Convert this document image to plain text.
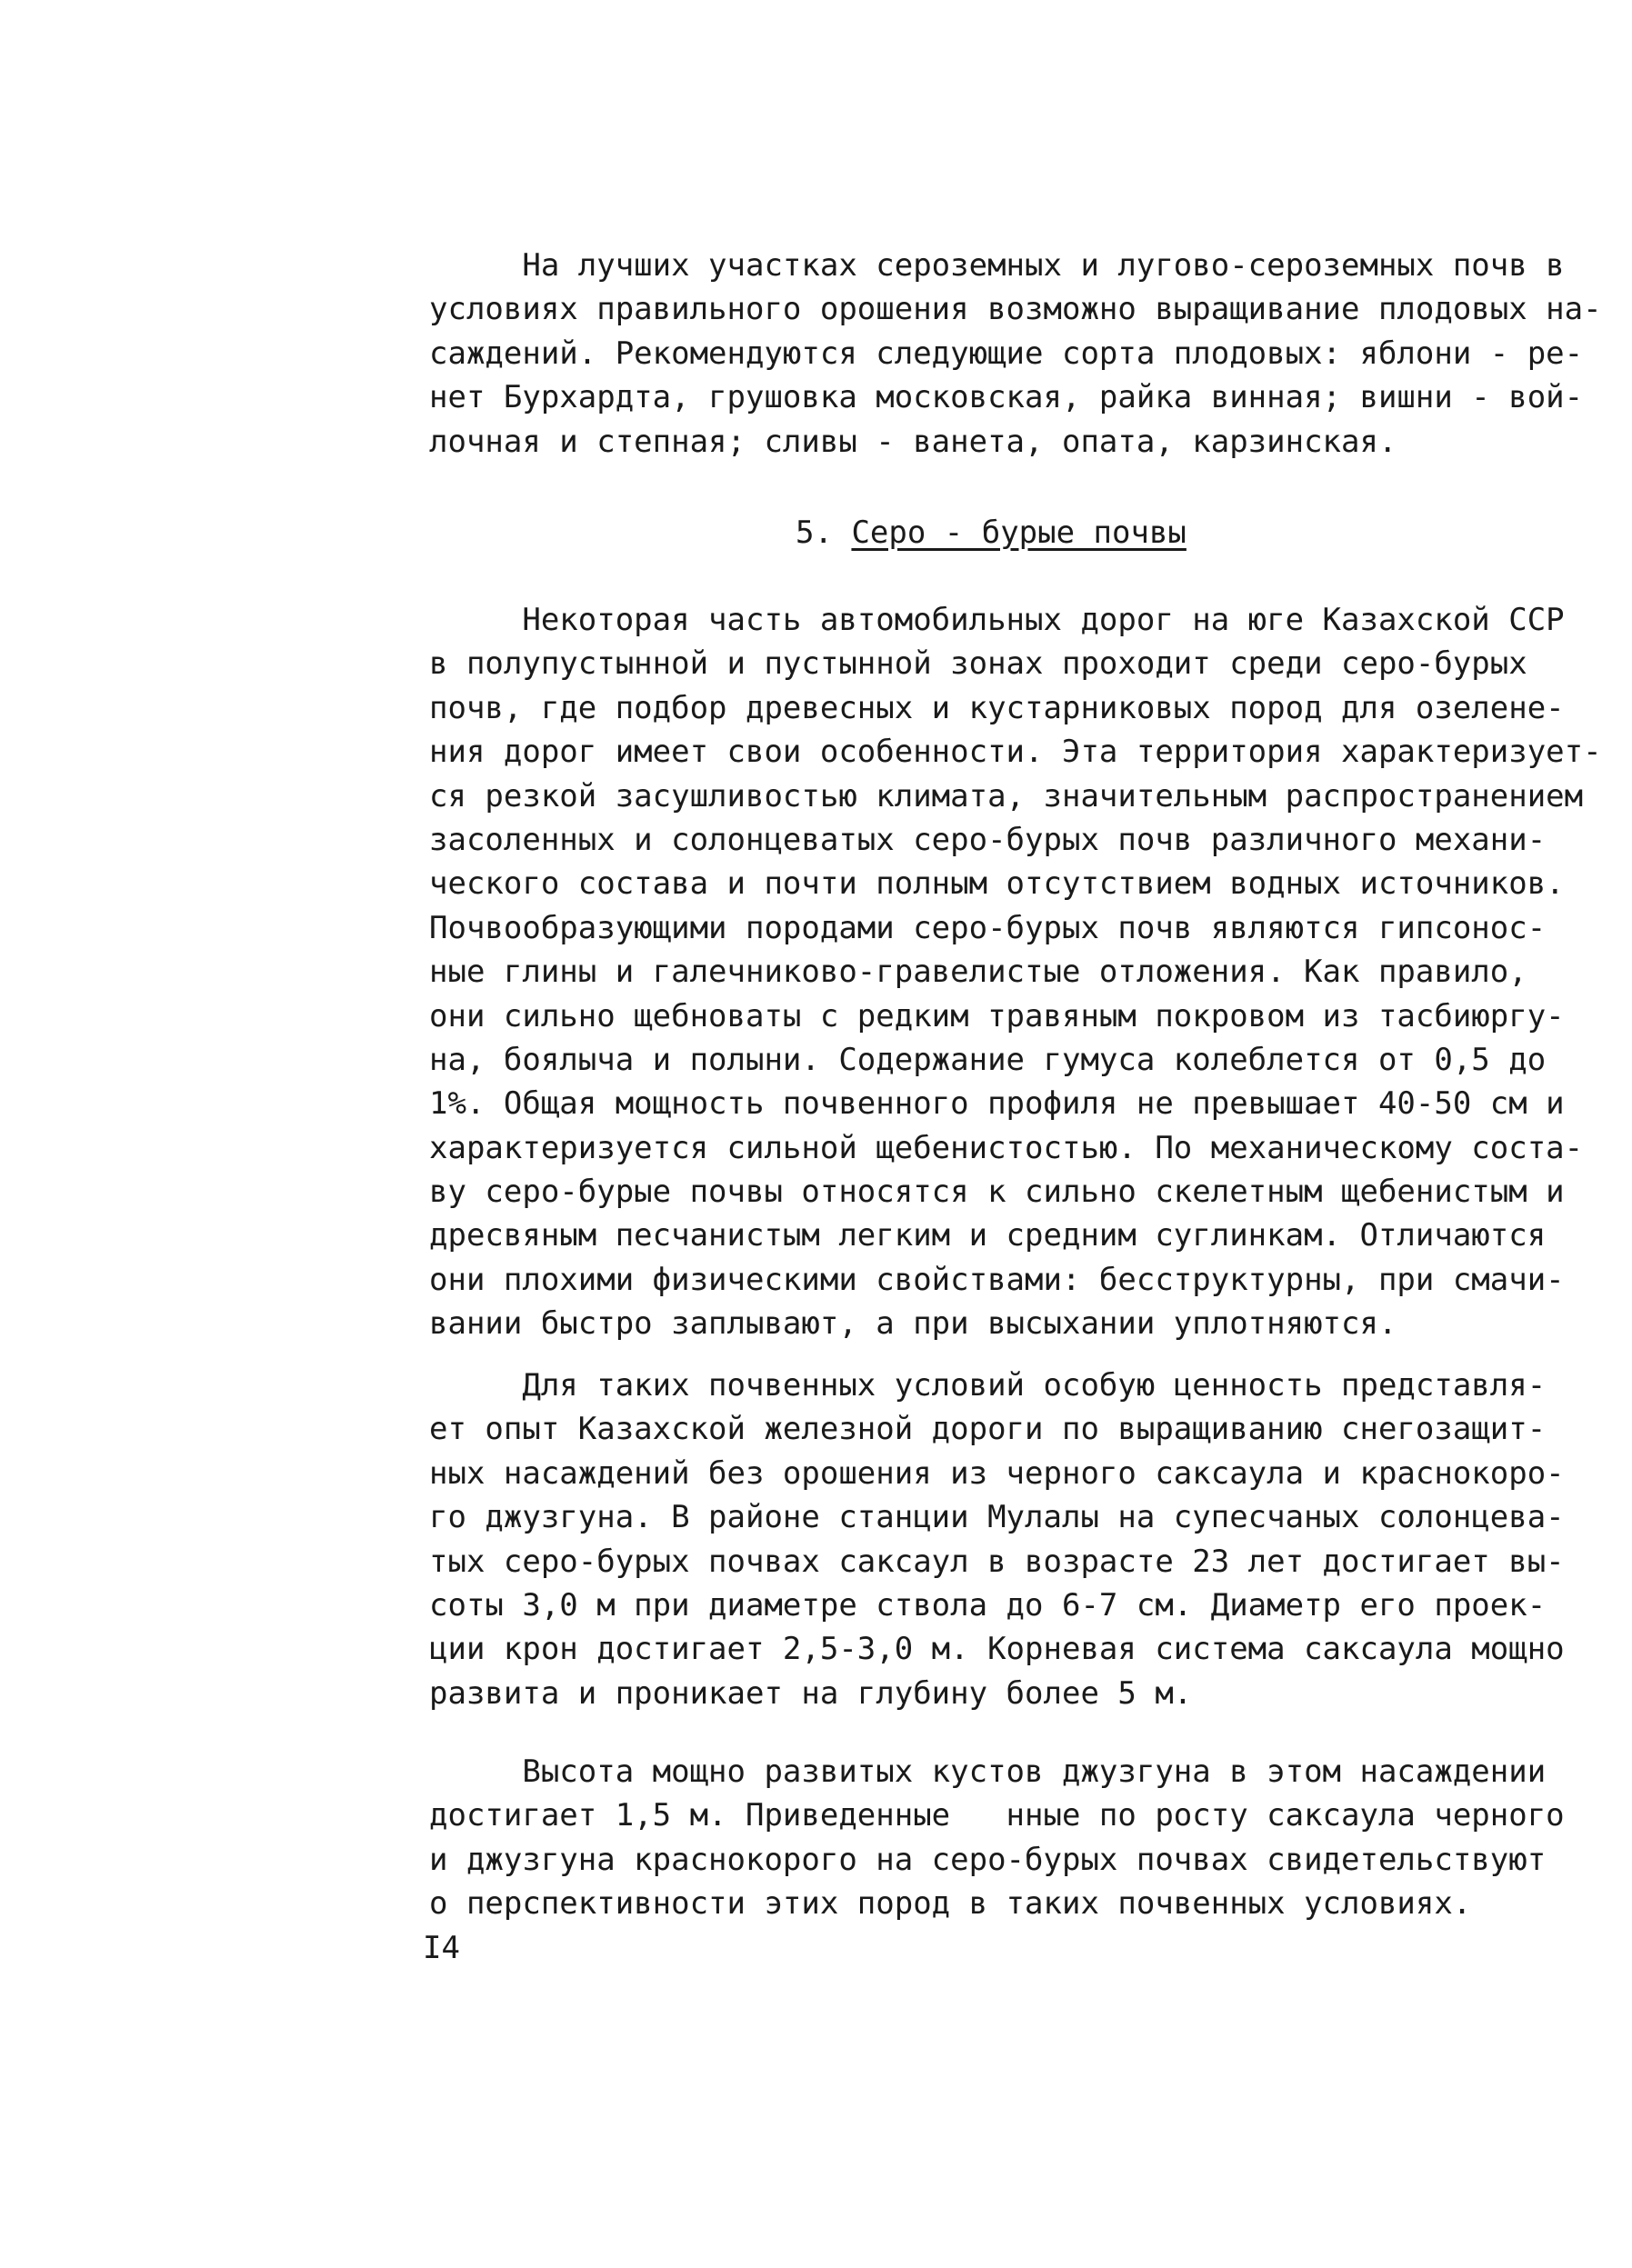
На лучших участках сероземных и лугово-сероземных почв в
условиях правильного орошения возможно выращивание плодовых на-
саждений. Рекомендуются следующие сорта плодовых: яблони - ре-
нет Бурхардта, грушовка московская, райка винная; вишни - вой-
лочная и степная; сливы - ванета, опата, карзинская.
5. Серо - бурые почвы
Некоторая часть автомобильных дорог на юге Казахской ССР
в полупустынной и пустынной зонах проходит среди серо-бурых
почв, где подбор древесных и кустарниковых пород для озелене-
ния дорог имеет свои особенности. Эта территория характеризует-
ся резкой засушливостью климата, значительным распространением
засоленных и солонцеватых серо-бурых почв различного механи-
ческого состава и почти полным отсутствием водных источников.
Почвообразующими породами серо-бурых почв являются гипсонос-
ные глины и галечниково-гравелистые отложения. Как правило,
они сильно щебноваты с редким травяным покровом из тасбиюргу-
на, боялыча и полыни. Содержание гумуса колеблется от 0,5 до
1%. Общая мощность почвенного профиля не превышает 40-50 см и
характеризуется сильной щебенистостью. По механическому соста-
ву серо-бурые почвы относятся к сильно скелетным щебенистым и
дресвяным песчанистым легким и средним суглинкам. Отличаются
они плохими физическими свойствами: бесструктурны, при смачи-
вании быстро заплывают, а при высыхании уплотняются.
Для таких почвенных условий особую ценность представля-
ет опыт Казахской железной дороги по выращиванию снегозащит-
ных насаждений без орошения из черного саксаула и краснокоро-
го джузгуна. В районе станции Мулалы на супесчаных солонцева-
тых серо-бурых почвах саксаул в возрасте 23 лет достигает вы-
соты 3,0 м при диаметре ствола до 6-7 см. Диаметр его проек-
ции крон достигает 2,5-3,0 м. Корневая система саксаула мощно
развита и проникает на глубину более 5 м.
Высота мощно развитых кустов джузгуна в этом насаждении
достигает 1,5 м. Приведенные   нные по росту саксаула черного
и джузгуна краснокорого на серо-бурых почвах свидетельствуют
о перспективности этих пород в таких почвенных условиях.
I4
